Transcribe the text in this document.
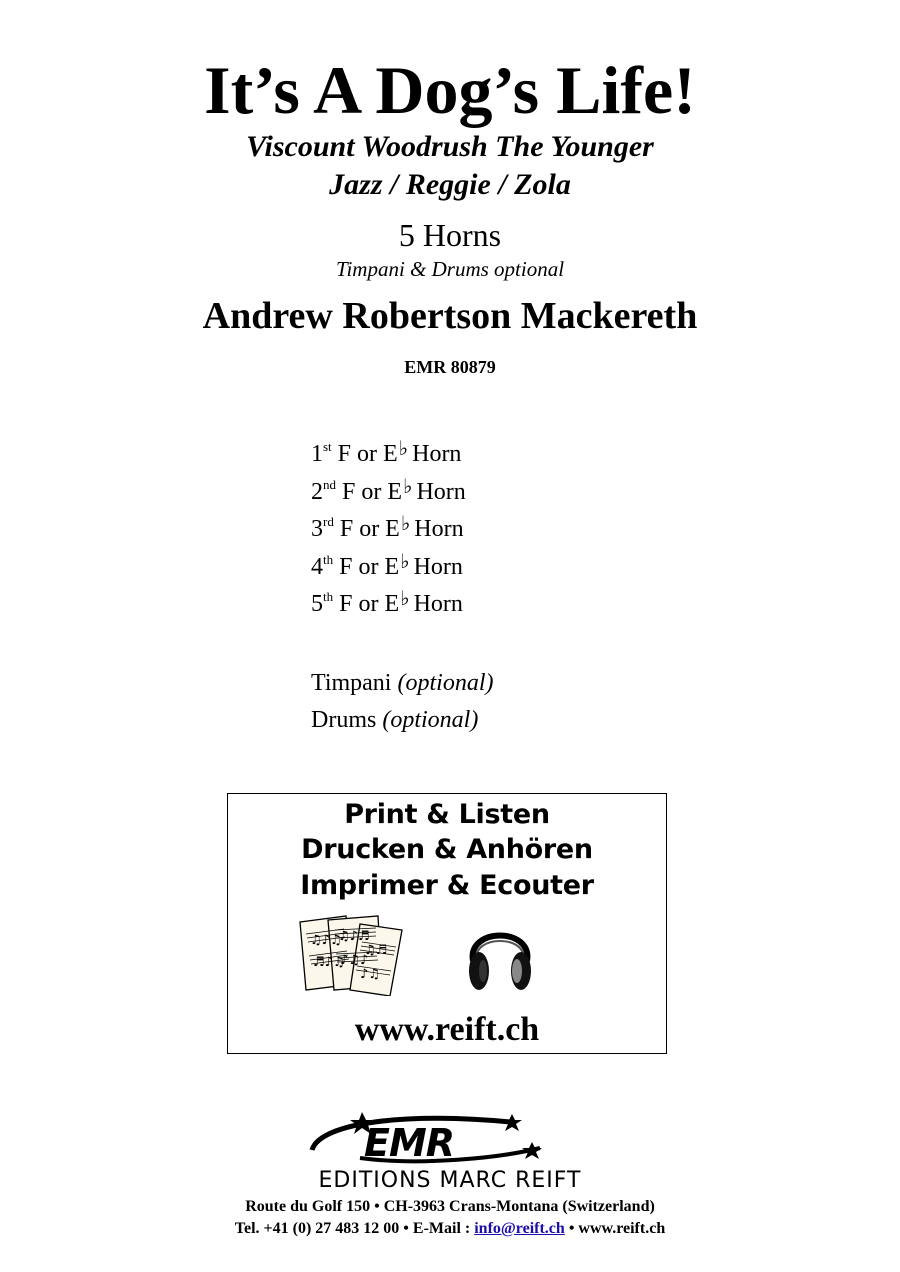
It’s A Dog’s Life!
Viscount Woodrush The Younger
Jazz / Reggie / Zola
5 Horns
Timpani & Drums optional
Andrew Robertson Mackereth
EMR 80879
1st F or E♭ Horn
2nd F or E♭ Horn
3rd F or E♭ Horn
4th F or E♭ Horn
5th F or E♭ Horn
Timpani (optional)
Drums (optional)
Print & Listen
Drucken & Anhören
Imprimer & Ecouter
♫♪♫
♬♪♫
♫♪♬
♪♫♪
♫♬
♪♫
www.reift.ch
EMR
EDITIONS MARC REIFT
Route du Golf 150 • CH-3963 Crans-Montana (Switzerland)
Tel. +41 (0) 27 483 12 00 • E-Mail : info@reift.ch • www.reift.ch
